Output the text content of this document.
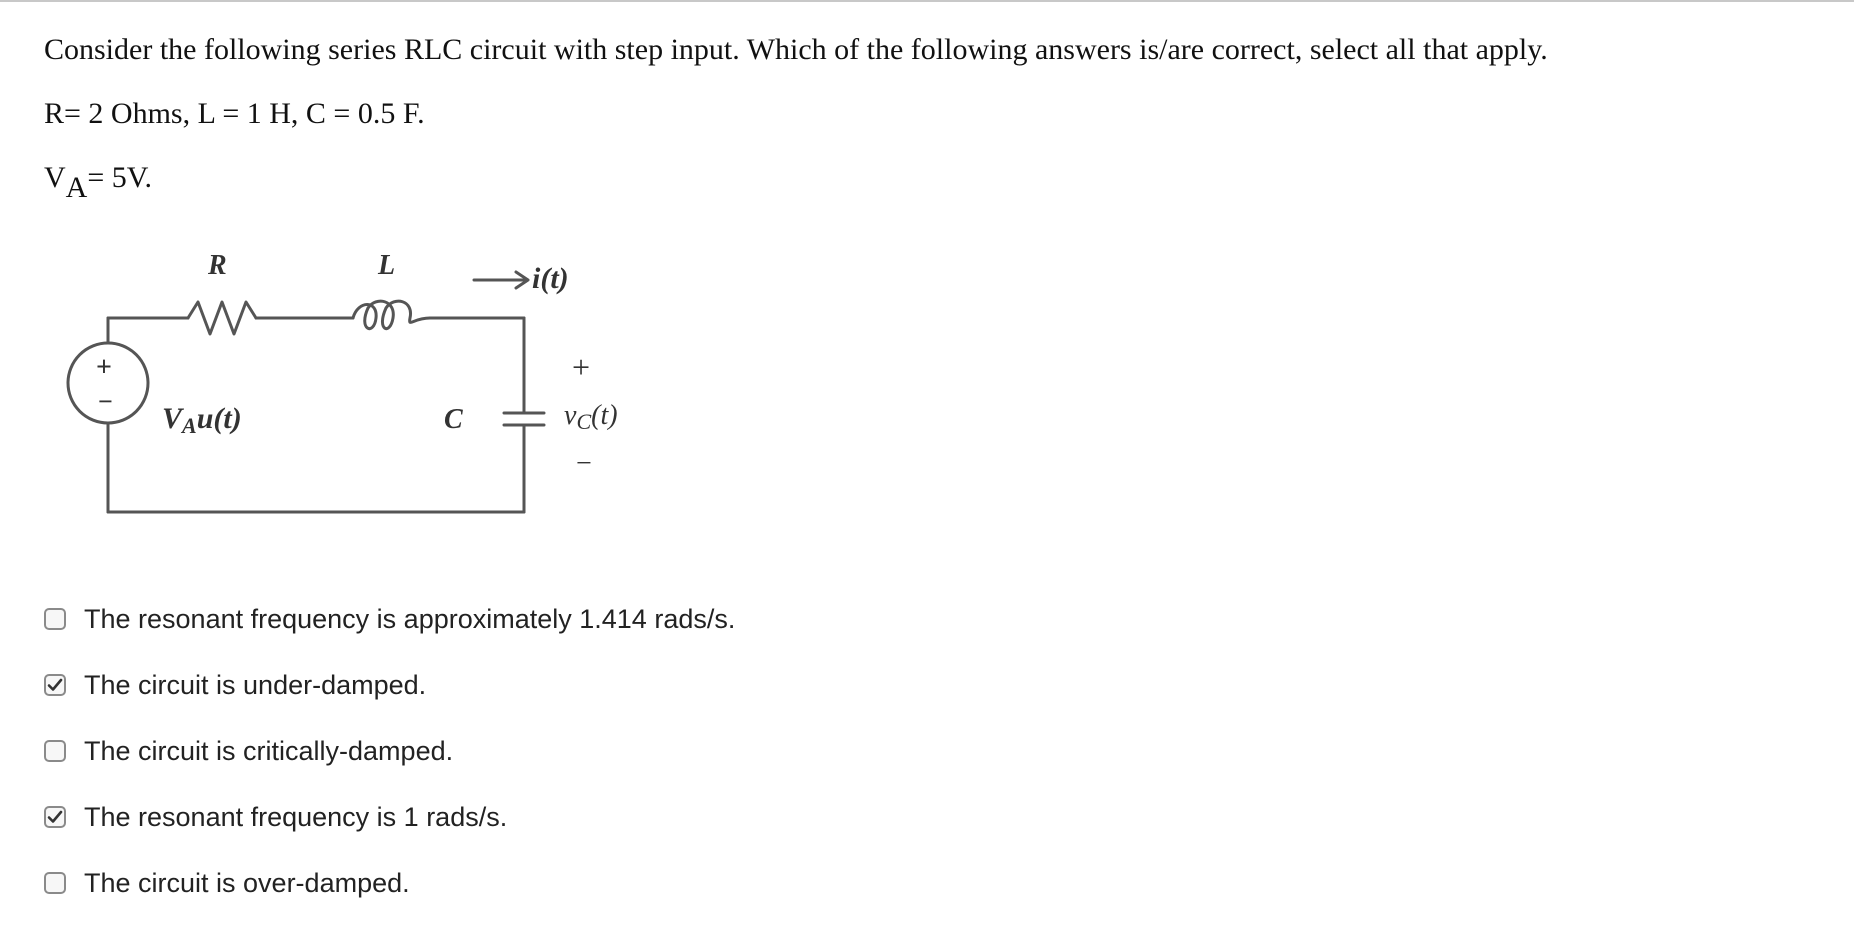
Consider the following series RLC circuit with step input. Which of the following answers is/are correct, select all that apply.

R= 2 Ohms, L = 1 H, C = 0.5 F.

$V_A= 5V$.

R	L	i(t)
C
+
−
VAu(t)
+
vC(t)
−
The resonant frequency is approximately 1.414 rads/s.
The circuit is under-damped.
The circuit is critically-damped.
The resonant frequency is 1 rads/s.
The circuit is over-damped.
